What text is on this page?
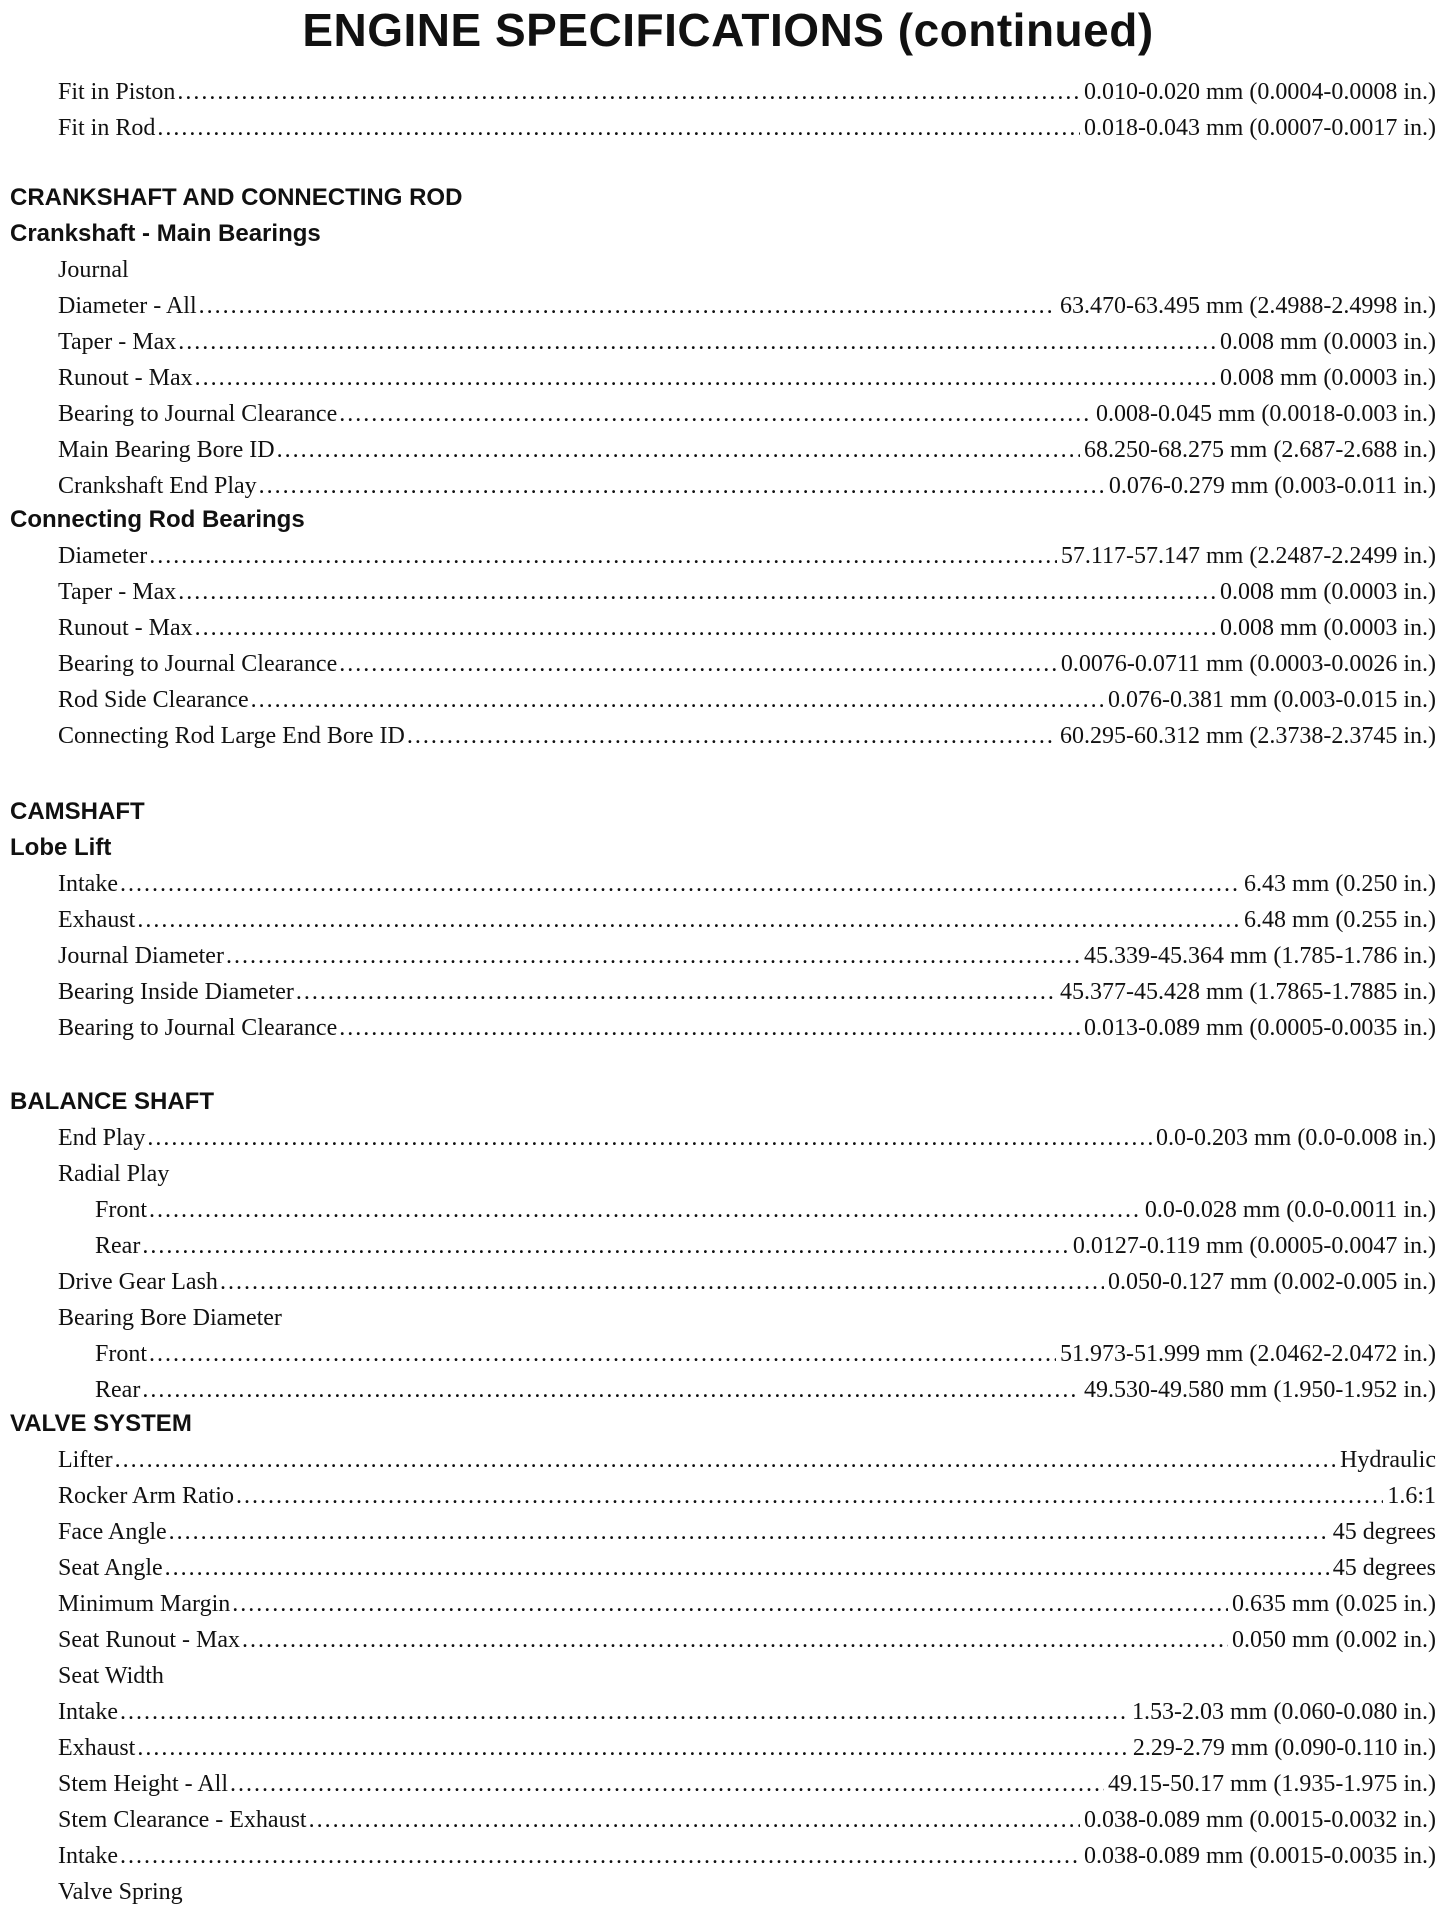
ENGINE SPECIFICATIONS (continued)
Fit in Piston .....	0.010-0.020 mm (0.0004-0.0008 in.)
Fit in Rod .....	0.018-0.043 mm (0.0007-0.0017 in.)
CRANKSHAFT AND CONNECTING ROD
Crankshaft - Main Bearings
Journal
Diameter - All .....	63.470-63.495 mm (2.4988-2.4998 in.)
Taper - Max .....	0.008 mm (0.0003 in.)
Runout - Max .....	0.008 mm (0.0003 in.)
Bearing to Journal Clearance .....	0.008-0.045 mm (0.0018-0.003 in.)
Main Bearing Bore ID .....	68.250-68.275 mm (2.687-2.688 in.)
Crankshaft End Play .....	0.076-0.279 mm (0.003-0.011 in.)
Connecting Rod Bearings
Diameter .....	57.117-57.147 mm (2.2487-2.2499 in.)
Taper - Max .....	0.008 mm (0.0003 in.)
Runout - Max .....	0.008 mm (0.0003 in.)
Bearing to Journal Clearance .....	0.0076-0.0711 mm (0.0003-0.0026 in.)
Rod Side Clearance .....	0.076-0.381 mm (0.003-0.015 in.)
Connecting Rod Large End Bore ID .....	60.295-60.312 mm (2.3738-2.3745 in.)
CAMSHAFT
Lobe Lift
Intake .....	6.43 mm (0.250 in.)
Exhaust .....	6.48 mm (0.255 in.)
Journal Diameter .....	45.339-45.364 mm (1.785-1.786 in.)
Bearing Inside Diameter .....	45.377-45.428 mm (1.7865-1.7885 in.)
Bearing to Journal Clearance .....	0.013-0.089 mm (0.0005-0.0035 in.)
BALANCE SHAFT
End Play .....	0.0-0.203 mm (0.0-0.008 in.)
Radial Play
Front .....	0.0-0.028 mm (0.0-0.0011 in.)
Rear .....	0.0127-0.119 mm (0.0005-0.0047 in.)
Drive Gear Lash .....	0.050-0.127 mm (0.002-0.005 in.)
Bearing Bore Diameter
Front .....	51.973-51.999 mm (2.0462-2.0472 in.)
Rear .....	49.530-49.580 mm (1.950-1.952 in.)
VALVE SYSTEM
Lifter .....	Hydraulic
Rocker Arm Ratio .....	1.6:1
Face Angle .....	45 degrees
Seat Angle .....	45 degrees
Minimum Margin .....	0.635 mm (0.025 in.)
Seat Runout - Max .....	0.050 mm (0.002 in.)
Seat Width
Intake .....	1.53-2.03 mm (0.060-0.080 in.)
Exhaust .....	2.29-2.79 mm (0.090-0.110 in.)
Stem Height - All .....	49.15-50.17 mm (1.935-1.975 in.)
Stem Clearance - Exhaust .....	0.038-0.089 mm (0.0015-0.0032 in.)
Intake .....	0.038-0.089 mm (0.0015-0.0035 in.)
Valve Spring
